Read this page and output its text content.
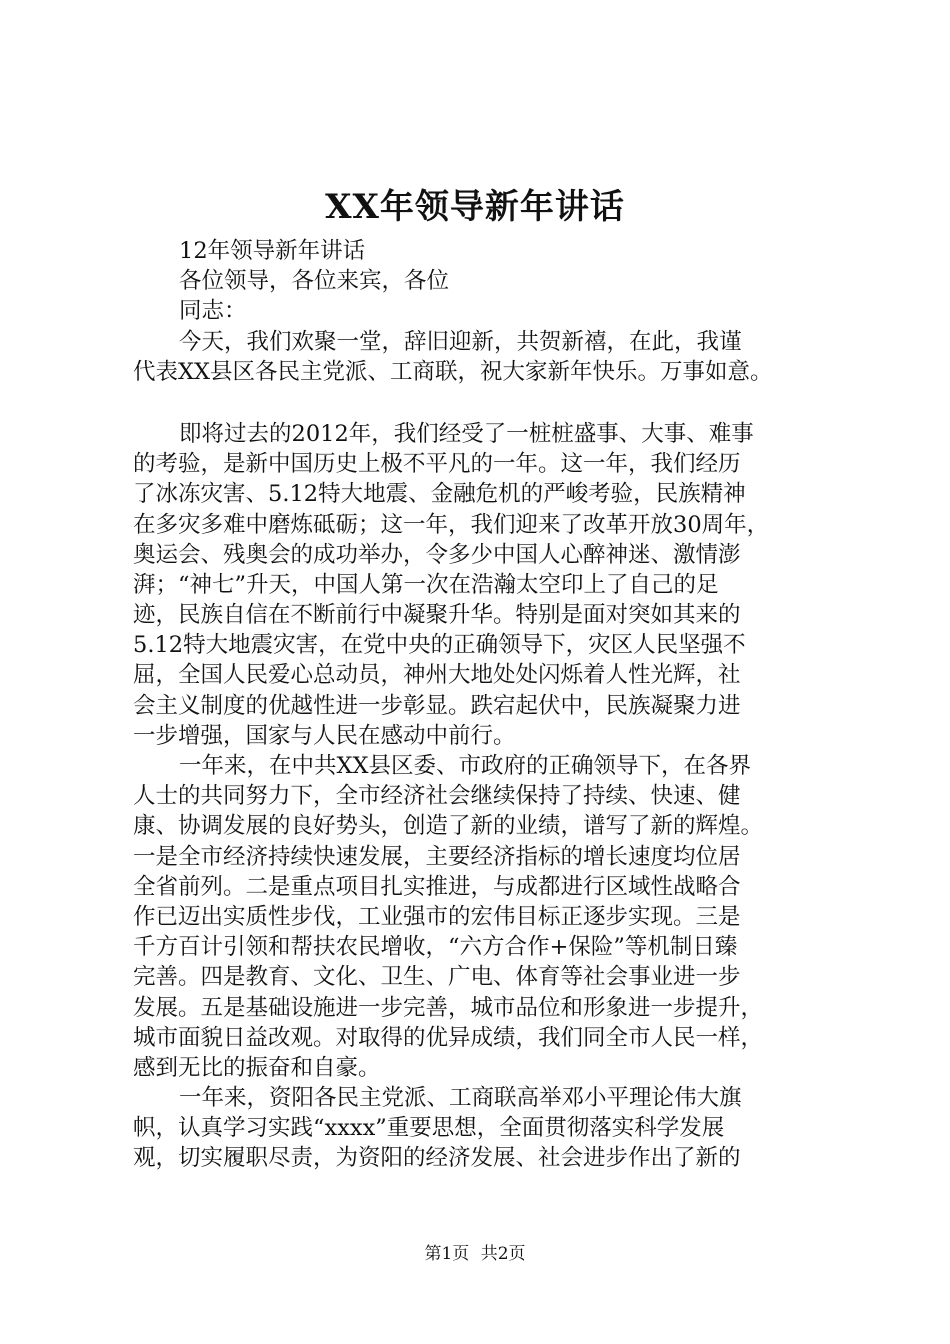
XX年领导新年讲话
12年领导新年讲话
各位领导，各位来宾，各位
同志：
今天，我们欢聚一堂，辞旧迎新，共贺新禧，在此，我谨
代表XX县区各民主党派、工商联，祝大家新年快乐。万事如意。
即将过去的2012年，我们经受了一桩桩盛事、大事、难事
的考验，是新中国历史上极不平凡的一年。这一年，我们经历
了冰冻灾害、5.12特大地震、金融危机的严峻考验，民族精神
在多灾多难中磨炼砥砺；这一年，我们迎来了改革开放30周年，
奥运会、残奥会的成功举办，令多少中国人心醉神迷、激情澎
湃；“神七”升天，中国人第一次在浩瀚太空印上了自己的足
迹，民族自信在不断前行中凝聚升华。特别是面对突如其来的
5.12特大地震灾害，在党中央的正确领导下，灾区人民坚强不
屈，全国人民爱心总动员，神州大地处处闪烁着人性光辉，社
会主义制度的优越性进一步彰显。跌宕起伏中，民族凝聚力进
一步增强，国家与人民在感动中前行。
一年来，在中共XX县区委、市政府的正确领导下，在各界
人士的共同努力下，全市经济社会继续保持了持续、快速、健
康、协调发展的良好势头，创造了新的业绩，谱写了新的辉煌。
一是全市经济持续快速发展，主要经济指标的增长速度均位居
全省前列。二是重点项目扎实推进，与成都进行区域性战略合
作已迈出实质性步伐，工业强市的宏伟目标正逐步实现。三是
千方百计引领和帮扶农民增收，“六方合作+保险”等机制日臻
完善。四是教育、文化、卫生、广电、体育等社会事业进一步
发展。五是基础设施进一步完善，城市品位和形象进一步提升，
城市面貌日益改观。对取得的优异成绩，我们同全市人民一样，
感到无比的振奋和自豪。
一年来，资阳各民主党派、工商联高举邓小平理论伟大旗
帜，认真学习实践“xxxx”重要思想，全面贯彻落实科学发展
观，切实履职尽责，为资阳的经济发展、社会进步作出了新的
第1页 共2页
